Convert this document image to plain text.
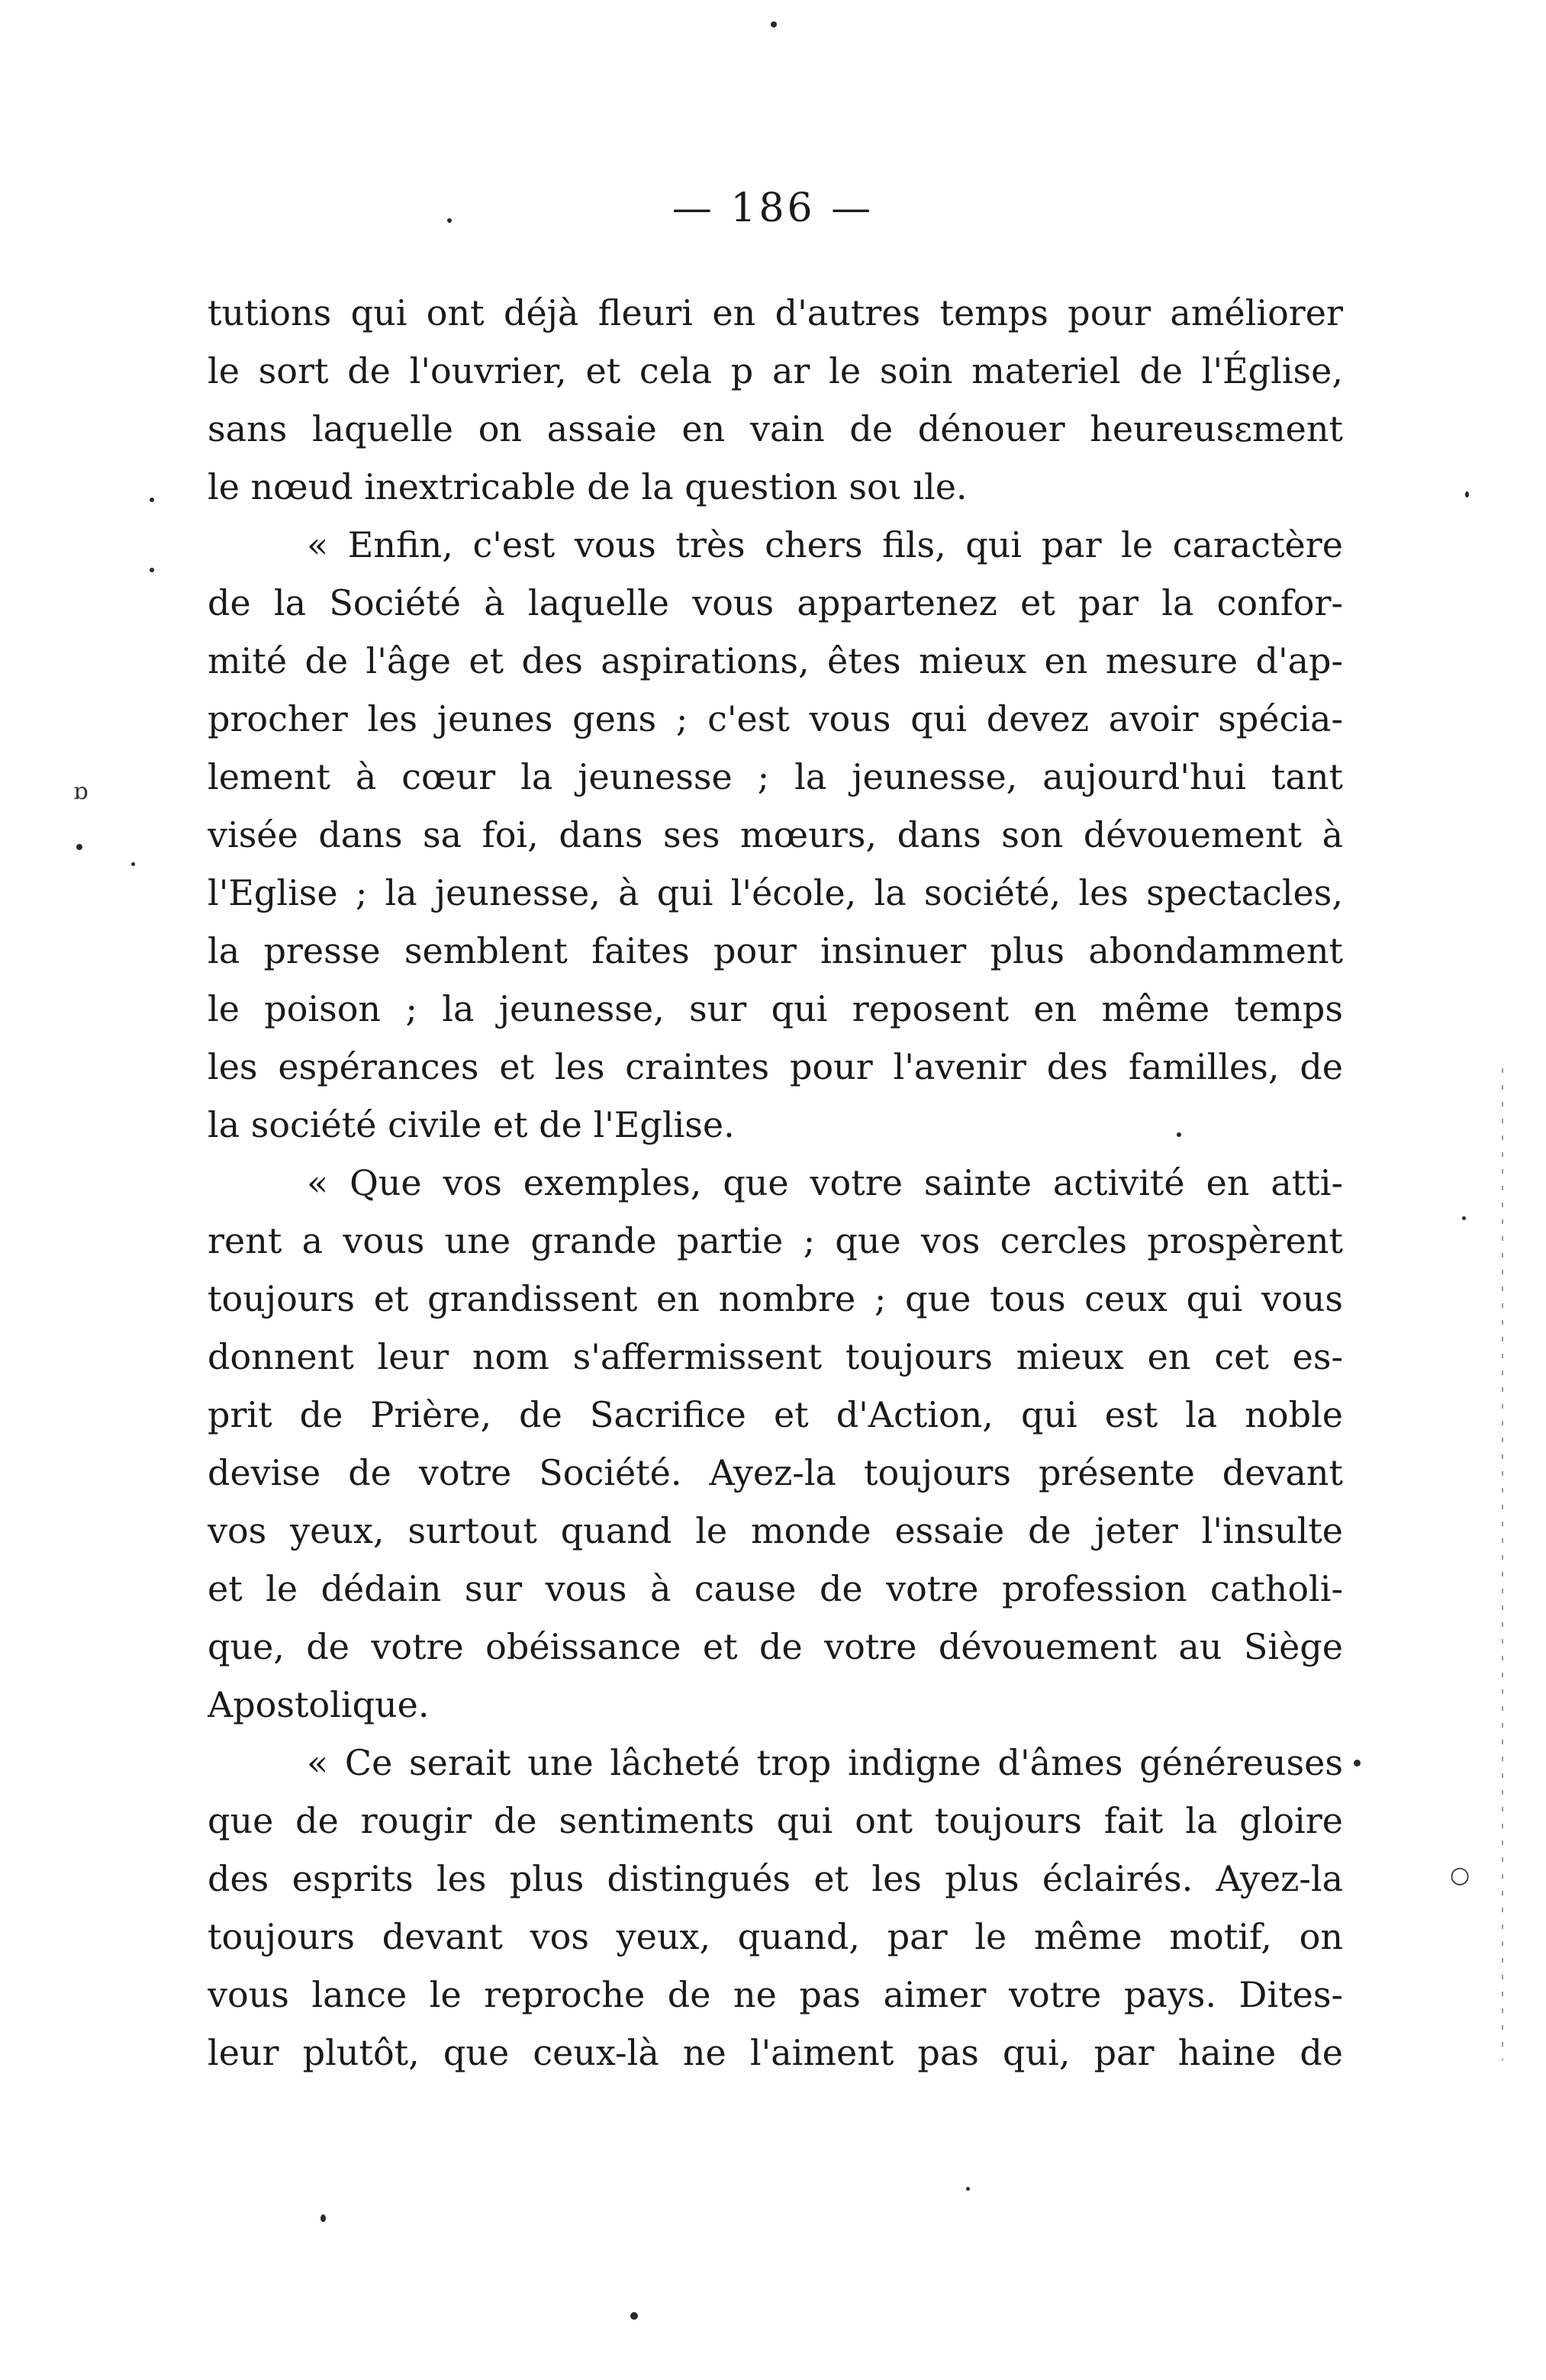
— 186 —
tutions qui ont déjà fleuri en d'autres temps pour améliorer
le sort de l'ouvrier, et cela p ar le soin materiel de l'Église,
sans laquelle on assaie en vain de dénouer heureusεment
le nœud inextricable de la question soι ıle.
« Enfin, c'est vous très chers fils, qui par le caractère
de la Société à laquelle vous appartenez et par la confor-
mité de l'âge et des aspirations, êtes mieux en mesure d'ap-
procher les jeunes gens ; c'est vous qui devez avoir spécia-
lement à cœur la jeunesse ; la jeunesse, aujourd'hui tant
visée dans sa foi, dans ses mœurs, dans son dévouement à
l'Eglise ; la jeunesse, à qui l'école, la société, les spectacles,
la presse semblent faites pour insinuer plus abondamment
le poison ; la jeunesse, sur qui reposent en même temps
les espérances et les craintes pour l'avenir des familles, de
la société civile et de l'Eglise.
« Que vos exemples, que votre sainte activité en atti-
rent a vous une grande partie ; que vos cercles prospèrent
toujours et grandissent en nombre ; que tous ceux qui vous
donnent leur nom s'affermissent toujours mieux en cet es-
prit de Prière, de Sacrifice et d'Action, qui est la noble
devise de votre Société. Ayez-la toujours présente devant
vos yeux, surtout quand le monde essaie de jeter l'insulte
et le dédain sur vous à cause de votre profession catholi-
que, de votre obéissance et de votre dévouement au Siège
Apostolique.
« Ce serait une lâcheté trop indigne d'âmes généreuses
que de rougir de sentiments qui ont toujours fait la gloire
des esprits les plus distingués et les plus éclairés. Ayez-la
toujours devant vos yeux, quand, par le même motif, on
vous lance le reproche de ne pas aimer votre pays. Dites-
leur plutôt, que ceux-là ne l'aiment pas qui, par haine de
ɒ
○
